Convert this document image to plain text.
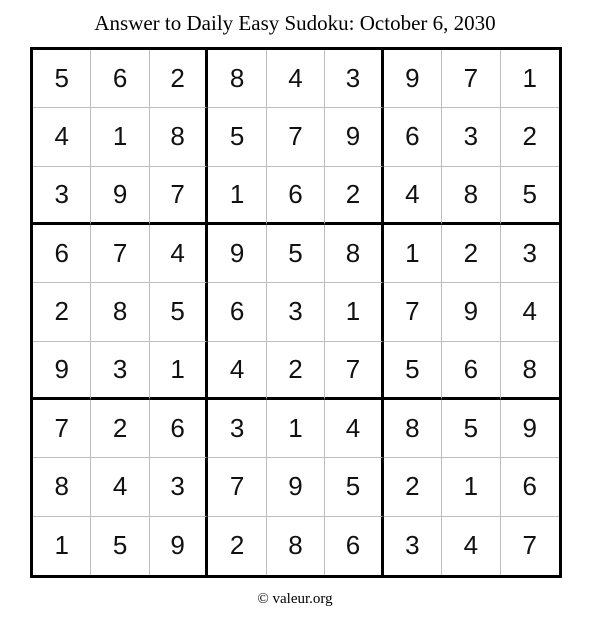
Answer to Daily Easy Sudoku: October 6, 2030
5	6	2	8	4	3	9	7	1
4	1	8	5	7	9	6	3	2
3	9	7	1	6	2	4	8	5
6	7	4	9	5	8	1	2	3
2	8	5	6	3	1	7	9	4
9	3	1	4	2	7	5	6	8
7	2	6	3	1	4	8	5	9
8	4	3	7	9	5	2	1	6
1	5	9	2	8	6	3	4	7
© valeur.org
